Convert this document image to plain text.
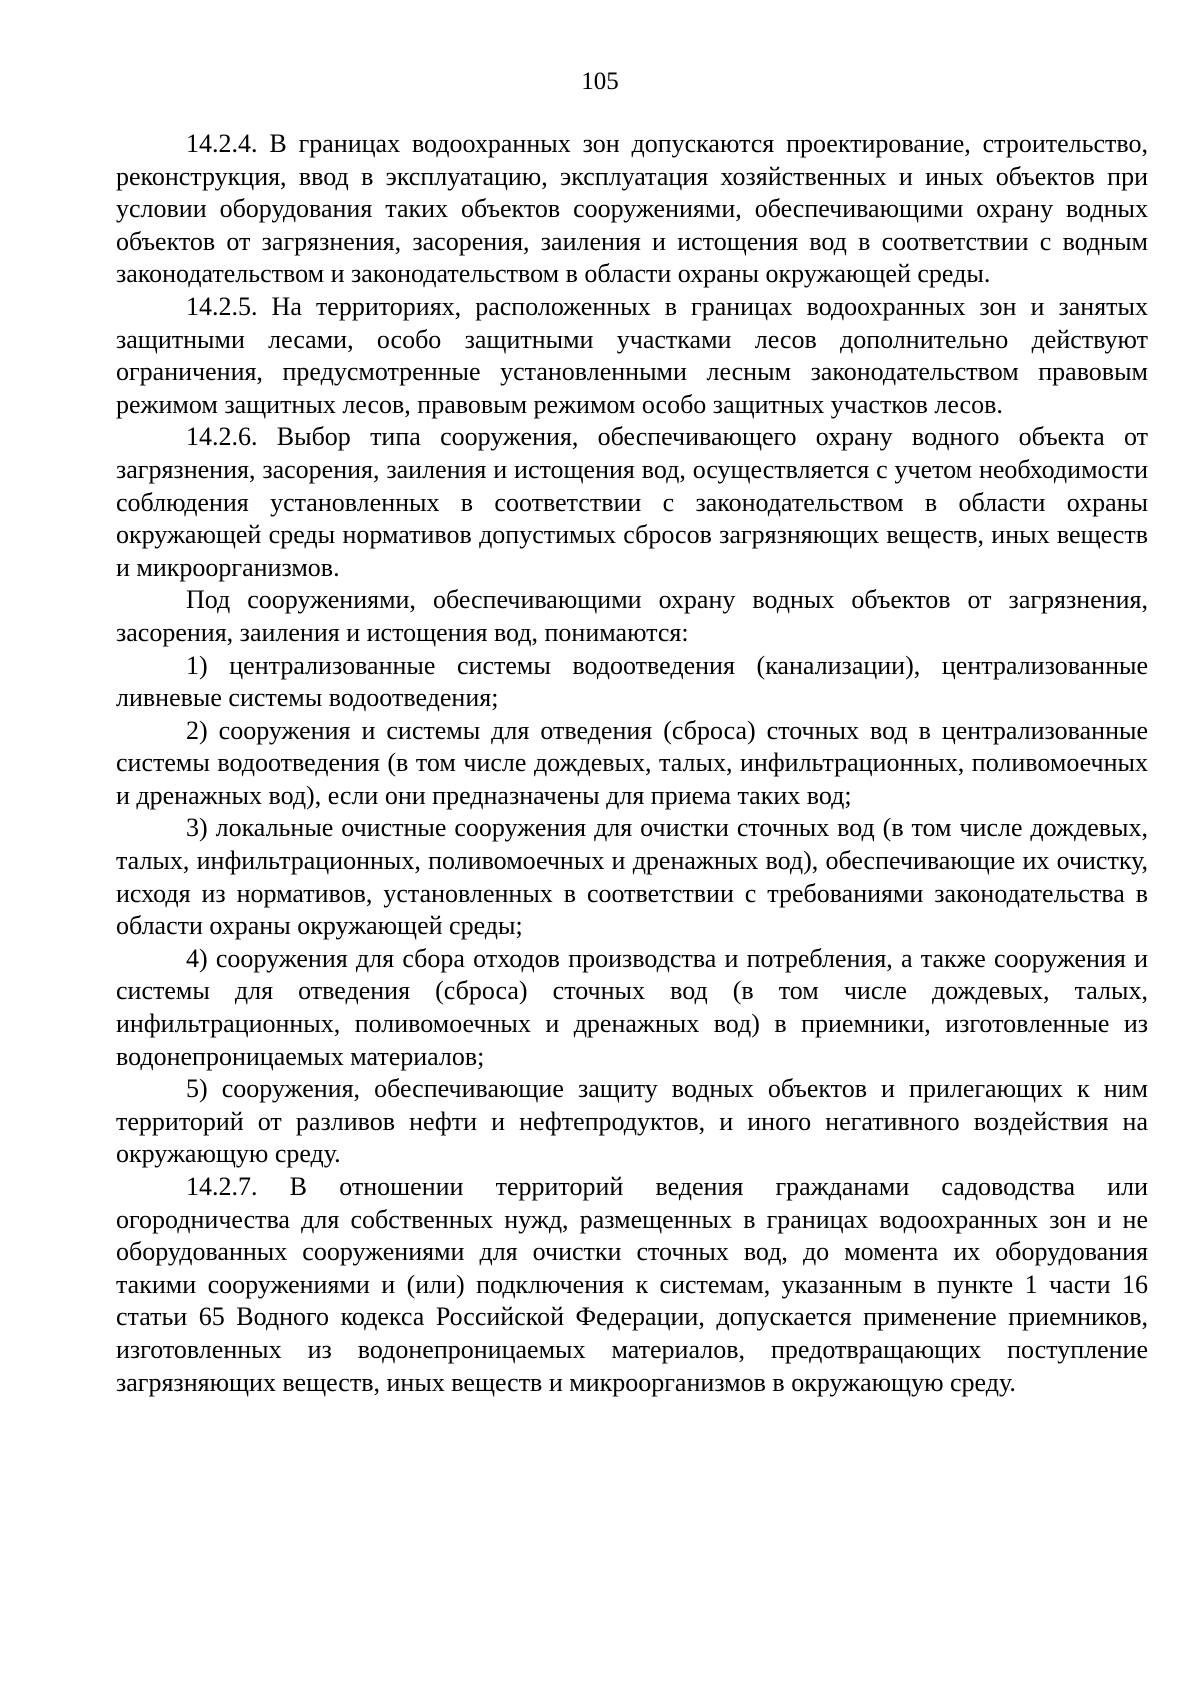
105

14.2.4. В границах водоохранных зон допускаются проектирование, строительство, реконструкция, ввод в эксплуатацию, эксплуатация хозяйственных и иных объектов при условии оборудования таких объектов сооружениями, обеспечивающими охрану водных объектов от загрязнения, засорения, заиления и истощения вод в соответствии с водным законодательством и законодательством в области охраны окружающей среды.

14.2.5. На территориях, расположенных в границах водоохранных зон и занятых защитными лесами, особо защитными участками лесов дополнительно действуют ограничения, предусмотренные установленными лесным законодательством правовым режимом защитных лесов, правовым режимом особо защитных участков лесов.

14.2.6. Выбор типа сооружения, обеспечивающего охрану водного объекта от загрязнения, засорения, заиления и истощения вод, осуществляется с учетом необходимости соблюдения установленных в соответствии с законодательством в области охраны окружающей среды нормативов допустимых сбросов загрязняющих веществ, иных веществ и микроорганизмов.

Под сооружениями, обеспечивающими охрану водных объектов от загрязнения, засорения, заиления и истощения вод, понимаются:

1) централизованные системы водоотведения (канализации), централизованные ливневые системы водоотведения;

2) сооружения и системы для отведения (сброса) сточных вод в централизованные системы водоотведения (в том числе дождевых, талых, инфильтрационных, поливомоечных и дренажных вод), если они предназначены для приема таких вод;

3) локальные очистные сооружения для очистки сточных вод (в том числе дождевых, талых, инфильтрационных, поливомоечных и дренажных вод), обеспечивающие их очистку, исходя из нормативов, установленных в соответствии с требованиями законодательства в области охраны окружающей среды;

4) сооружения для сбора отходов производства и потребления, а также сооружения и системы для отведения (сброса) сточных вод (в том числе дождевых, талых, инфильтрационных, поливомоечных и дренажных вод) в приемники, изготовленные из водонепроницаемых материалов;

5) сооружения, обеспечивающие защиту водных объектов и прилегающих к ним территорий от разливов нефти и нефтепродуктов, и иного негативного воздействия на окружающую среду.

14.2.7. В отношении территорий ведения гражданами садоводства или огородничества для собственных нужд, размещенных в границах водоохранных зон и не оборудованных сооружениями для очистки сточных вод, до момента их оборудования такими сооружениями и (или) подключения к системам, указанным в пункте 1 части 16 статьи 65 Водного кодекса Российской Федерации, допускается применение приемников, изготовленных из водонепроницаемых материалов, предотвращающих поступление загрязняющих веществ, иных веществ и микроорганизмов в окружающую среду.
